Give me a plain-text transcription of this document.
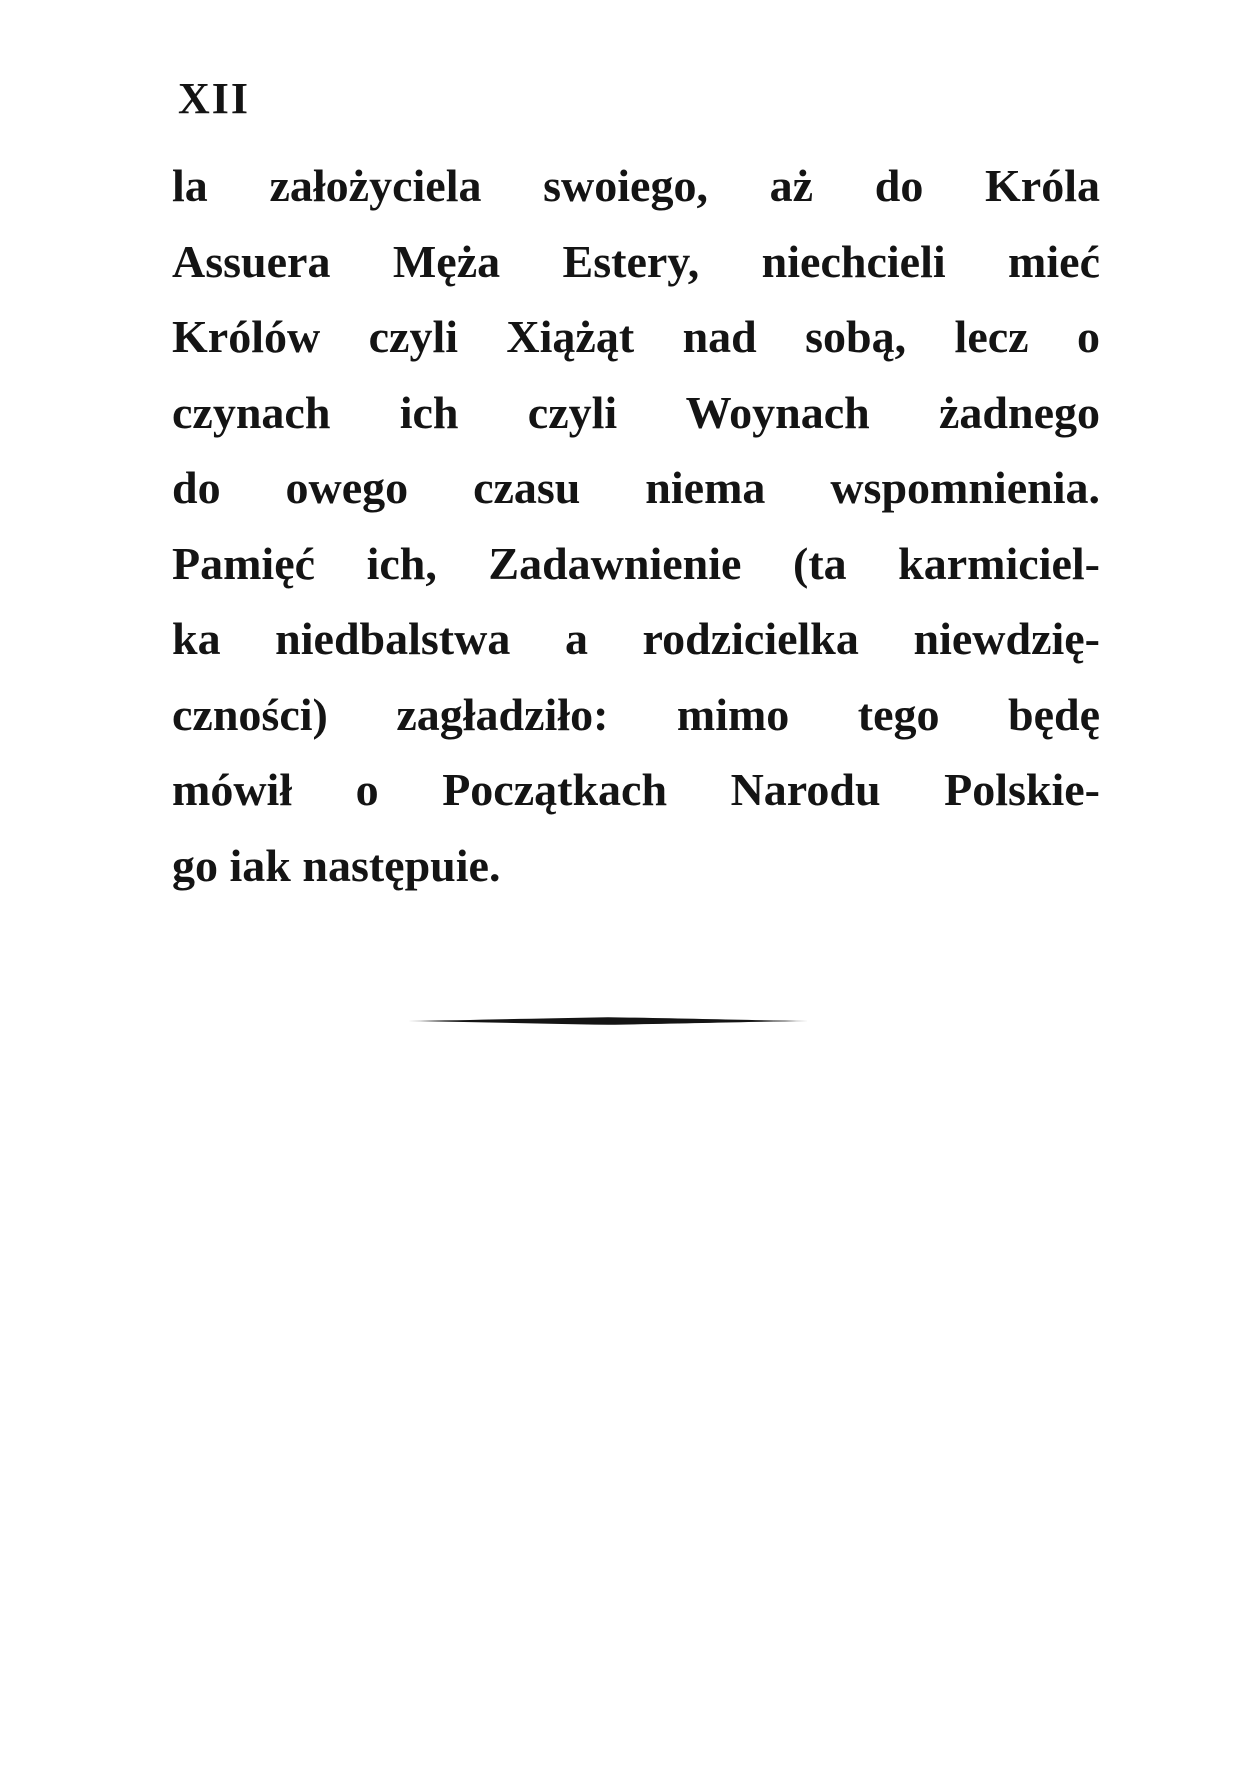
XII
la założyciela swoiego, aż do Króla
Assuera Męża Estery, niechcieli mieć
Królów czyli Xiążąt nad sobą, lecz o
czynach ich czyli Woynach żadnego
do owego czasu niema wspomnienia.
Pamięć ich, Zadawnienie (ta karmiciel-
ka niedbalstwa a rodzicielka niewdzię-
czności) zagładziło: mimo tego będę
mówił o Początkach Narodu Polskie-
go iak następuie.
